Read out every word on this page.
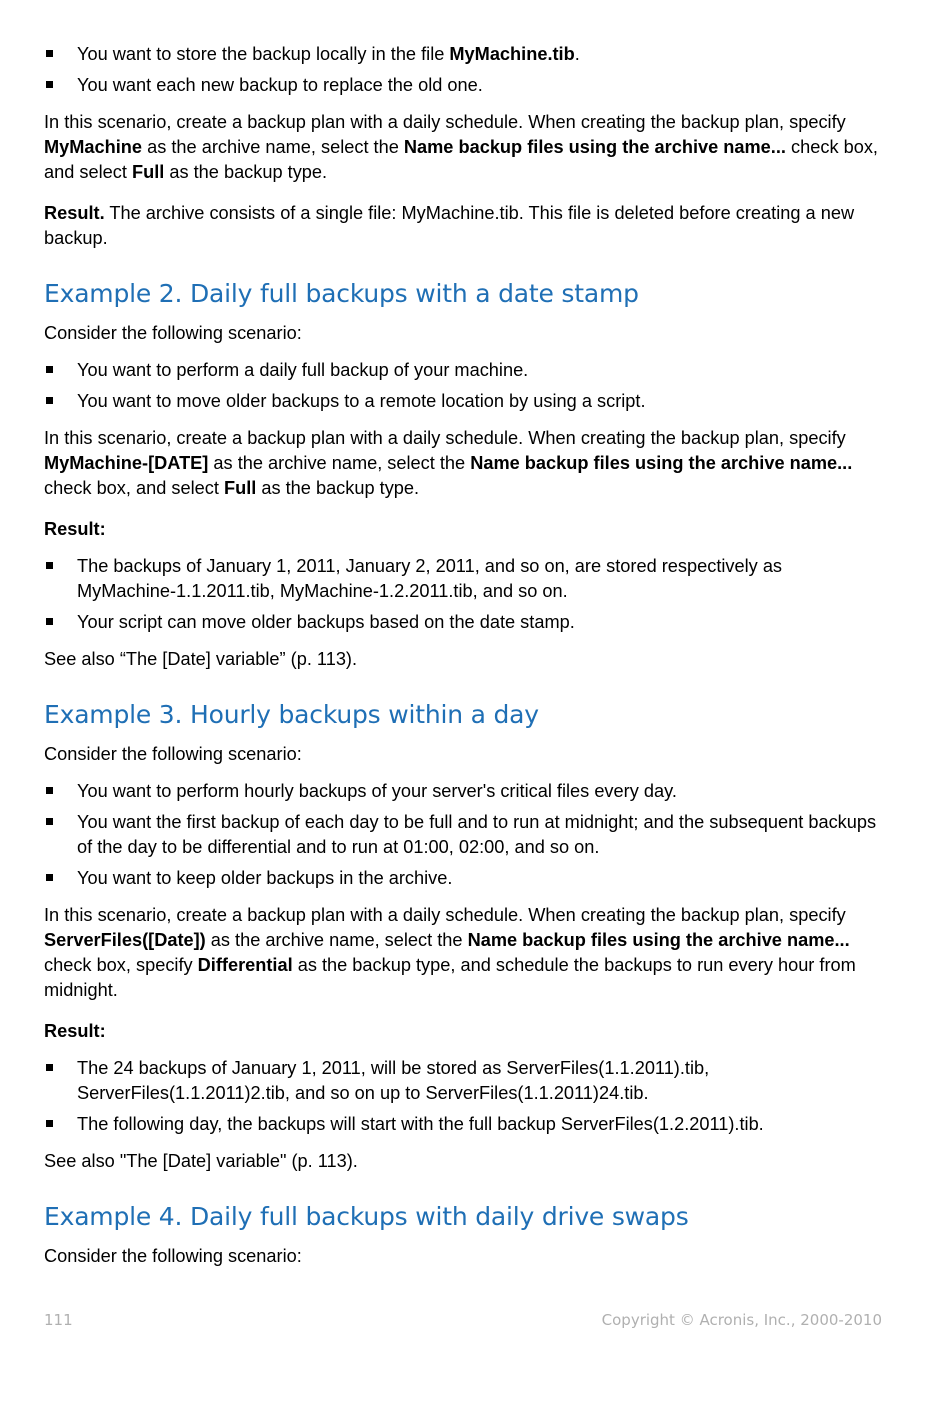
You want to store the backup locally in the file MyMachine.tib.
You want each new backup to replace the old one.

In this scenario, create a backup plan with a daily schedule. When creating the backup plan, specify MyMachine as the archive name, select the Name backup files using the archive name... check box, and select Full as the backup type.

Result. The archive consists of a single file: MyMachine.tib. This file is deleted before creating a new backup.

Example 2. Daily full backups with a date stamp

Consider the following scenario:

You want to perform a daily full backup of your machine.
You want to move older backups to a remote location by using a script.

In this scenario, create a backup plan with a daily schedule. When creating the backup plan, specify MyMachine-[DATE] as the archive name, select the Name backup files using the archive name... check box, and select Full as the backup type.

Result:

The backups of January 1, 2011, January 2, 2011, and so on, are stored respectively as MyMachine-1.1.2011.tib, MyMachine-1.2.2011.tib, and so on.
Your script can move older backups based on the date stamp.

See also “The [Date] variable” (p. 113).

Example 3. Hourly backups within a day

Consider the following scenario:

You want to perform hourly backups of your server's critical files every day.
You want the first backup of each day to be full and to run at midnight; and the subsequent backups of the day to be differential and to run at 01:00, 02:00, and so on.
You want to keep older backups in the archive.

In this scenario, create a backup plan with a daily schedule. When creating the backup plan, specify ServerFiles([Date]) as the archive name, select the Name backup files using the archive name... check box, specify Differential as the backup type, and schedule the backups to run every hour from midnight.

Result:

The 24 backups of January 1, 2011, will be stored as ServerFiles(1.1.2011).tib, ServerFiles(1.1.2011)2.tib, and so on up to ServerFiles(1.1.2011)24.tib.
The following day, the backups will start with the full backup ServerFiles(1.2.2011).tib.

See also "The [Date] variable" (p. 113).

Example 4. Daily full backups with daily drive swaps

Consider the following scenario:

111	Copyright © Acronis, Inc., 2000-2010
